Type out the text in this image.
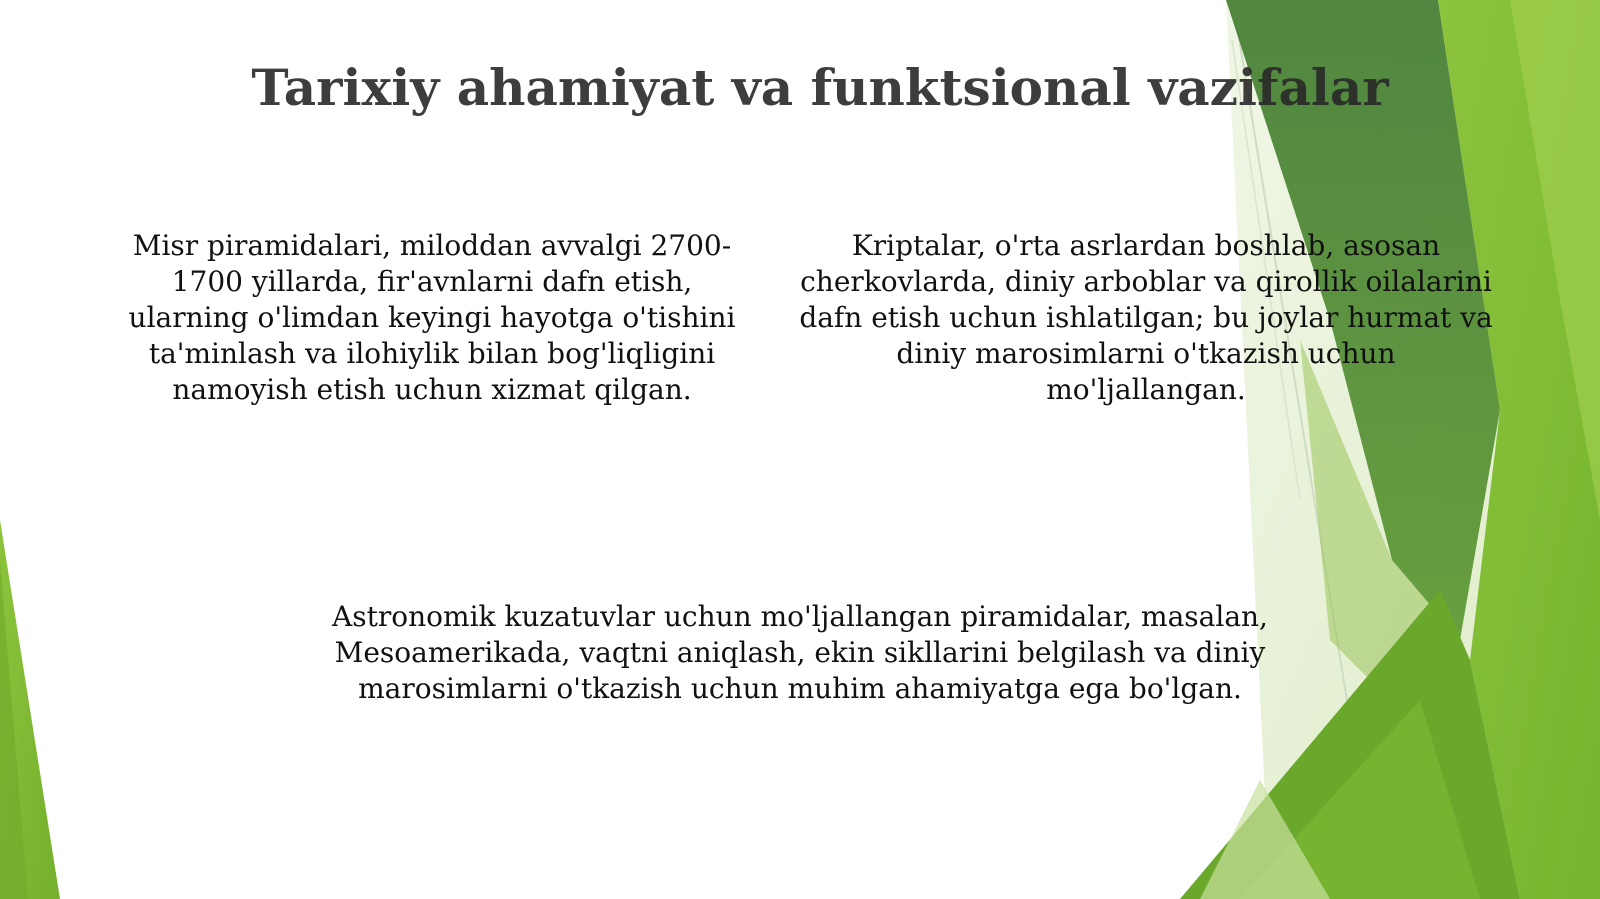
Tarixiy ahamiyat va funktsional vazifalar

Misr piramidalari, miloddan avvalgi 2700-1700 yillarda, fir'avnlarni dafn etish, ularning o'limdan keyingi hayotga o'tishini ta'minlash va ilohiylik bilan bog'liqligini namoyish etish uchun xizmat qilgan.

Kriptalar, o'rta asrlardan boshlab, asosan cherkovlarda, diniy arboblar va qirollik oilalarini dafn etish uchun ishlatilgan; bu joylar hurmat va diniy marosimlarni o'tkazish uchun mo'ljallangan.

Astronomik kuzatuvlar uchun mo'ljallangan piramidalar, masalan, Mesoamerikada, vaqtni aniqlash, ekin sikllarini belgilash va diniy marosimlarni o'tkazish uchun muhim ahamiyatga ega bo'lgan.
